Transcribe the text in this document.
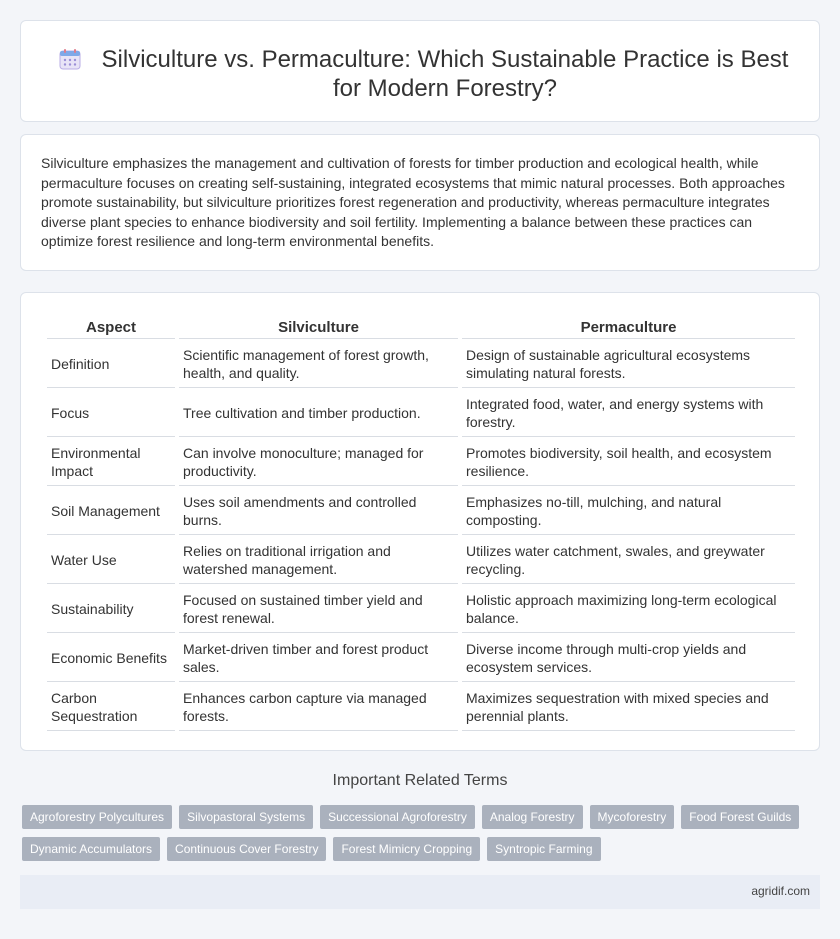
Silviculture vs. Permaculture: Which Sustainable Practice is Best for Modern Forestry?

Silviculture emphasizes the management and cultivation of forests for timber production and ecological health, while permaculture focuses on creating self-sustaining, integrated ecosystems that mimic natural processes. Both approaches promote sustainability, but silviculture prioritizes forest regeneration and productivity, whereas permaculture integrates diverse plant species to enhance biodiversity and soil fertility. Implementing a balance between these practices can optimize forest resilience and long-term environmental benefits.

Aspect	Silviculture	Permaculture
Definition	Scientific management of forest growth, health, and quality.	Design of sustainable agricultural ecosystems simulating natural forests.
Focus	Tree cultivation and timber production.	Integrated food, water, and energy systems with forestry.
Environmental Impact	Can involve monoculture; managed for productivity.	Promotes biodiversity, soil health, and ecosystem resilience.
Soil Management	Uses soil amendments and controlled burns.	Emphasizes no-till, mulching, and natural composting.
Water Use	Relies on traditional irrigation and watershed management.	Utilizes water catchment, swales, and greywater recycling.
Sustainability	Focused on sustained timber yield and forest renewal.	Holistic approach maximizing long-term ecological balance.
Economic Benefits	Market-driven timber and forest product sales.	Diverse income through multi-crop yields and ecosystem services.
Carbon Sequestration	Enhances carbon capture via managed forests.	Maximizes sequestration with mixed species and perennial plants.
Important Related Terms
Agroforestry Polycultures	Silvopastoral Systems	Successional Agroforestry	Analog Forestry	Mycoforestry	Food Forest Guilds
Dynamic Accumulators	Continuous Cover Forestry	Forest Mimicry Cropping	Syntropic Farming
agridif.com
